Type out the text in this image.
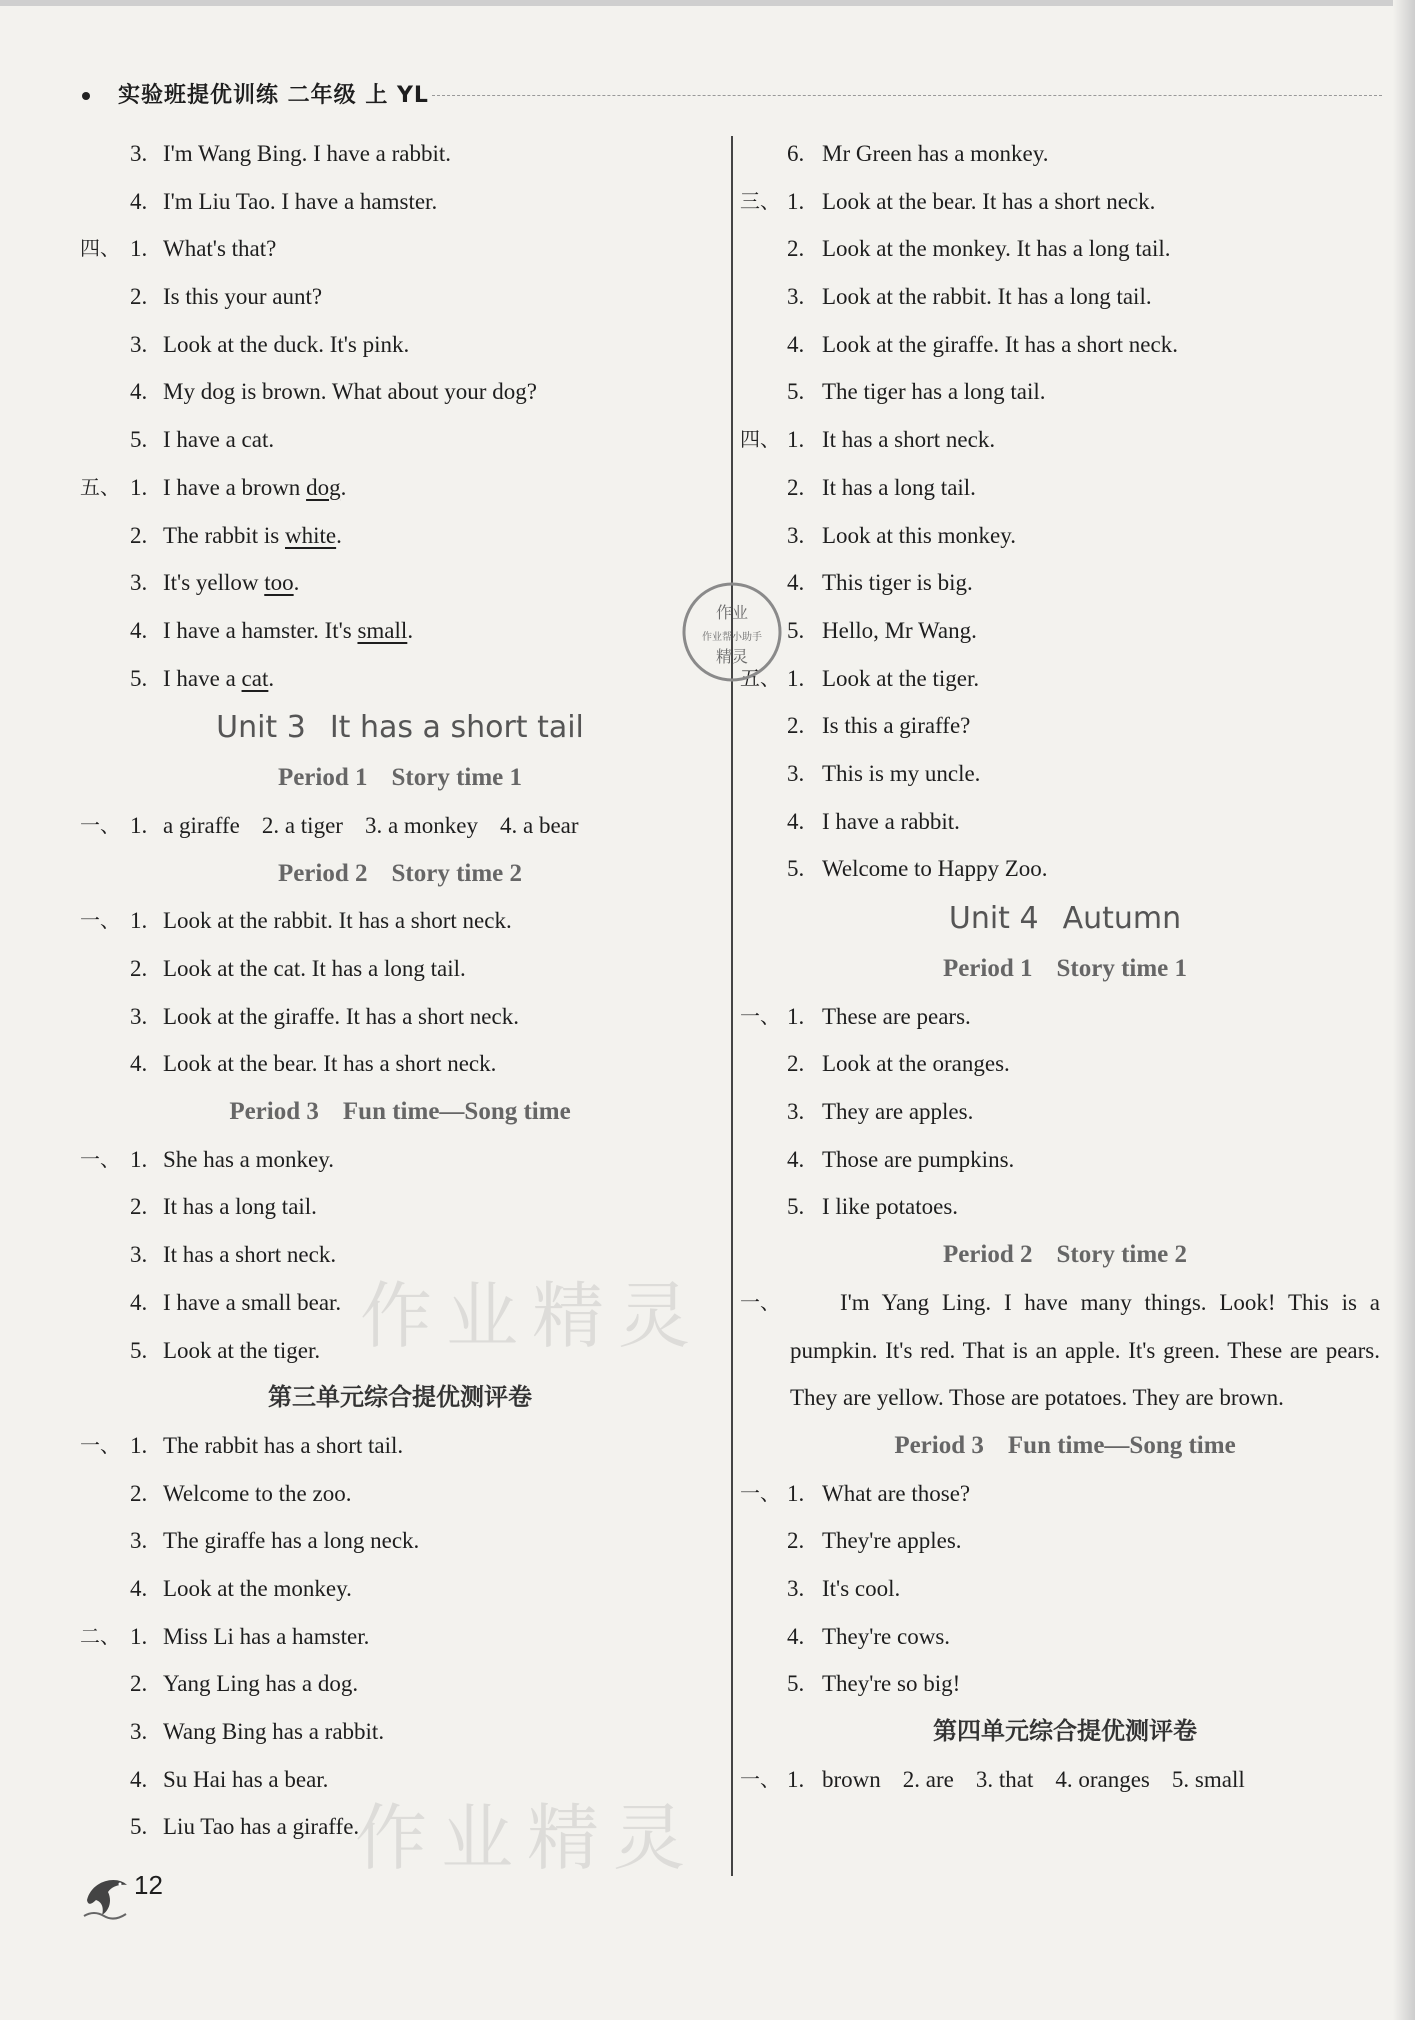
实验班提优训练 二年级 上 YL
3. I'm Wang Bing. I have a rabbit.
4. I'm Liu Tao. I have a hamster.
四、 1. What's that?
2. Is this your aunt?
3. Look at the duck. It's pink.
4. My dog is brown. What about your dog?
5. I have a cat.
五、 1. I have a brown dog.
2. The rabbit is white.
3. It's yellow too.
4. I have a hamster. It's small.
5. I have a cat.
Unit 3 It has a short tail
Period 1 Story time 1
一、 1. a giraffe 2. a tiger 3. a monkey 4. a bear
Period 2 Story time 2
一、 1. Look at the rabbit. It has a short neck.
2. Look at the cat. It has a long tail.
3. Look at the giraffe. It has a short neck.
4. Look at the bear. It has a short neck.
Period 3 Fun time—Song time
一、 1. She has a monkey.
2. It has a long tail.
3. It has a short neck.
4. I have a small bear.
5. Look at the tiger.
第三单元综合提优测评卷
一、 1. The rabbit has a short tail.
2. Welcome to the zoo.
3. The giraffe has a long neck.
4. Look at the monkey.
二、 1. Miss Li has a hamster.
2. Yang Ling has a dog.
3. Wang Bing has a rabbit.
4. Su Hai has a bear.
5. Liu Tao has a giraffe.
6. Mr Green has a monkey.
三、 1. Look at the bear. It has a short neck.
2. Look at the monkey. It has a long tail.
3. Look at the rabbit. It has a long tail.
4. Look at the giraffe. It has a short neck.
5. The tiger has a long tail.
四、 1. It has a short neck.
2. It has a long tail.
3. Look at this monkey.
4. This tiger is big.
5. Hello, Mr Wang.
五、 1. Look at the tiger.
2. Is this a giraffe?
3. This is my uncle.
4. I have a rabbit.
5. Welcome to Happy Zoo.
Unit 4 Autumn
Period 1 Story time 1
一、 1. These are pears.
2. Look at the oranges.
3. They are apples.
4. Those are pumpkins.
5. I like potatoes.
Period 2 Story time 2
一、	I'm Yang Ling. I have many things. Look! This is a pumpkin. It's red. That is an apple. It's green. These are pears. They are yellow. Those are potatoes. They are brown.
Period 3 Fun time—Song time
一、 1. What are those?
2. They're apples.
3. It's cool.
4. They're cows.
5. They're so big!
第四单元综合提优测评卷
一、 1. brown 2. are 3. that 4. oranges 5. small
作业精灵
作业精灵
作业
作业帮小助手
精灵
12
